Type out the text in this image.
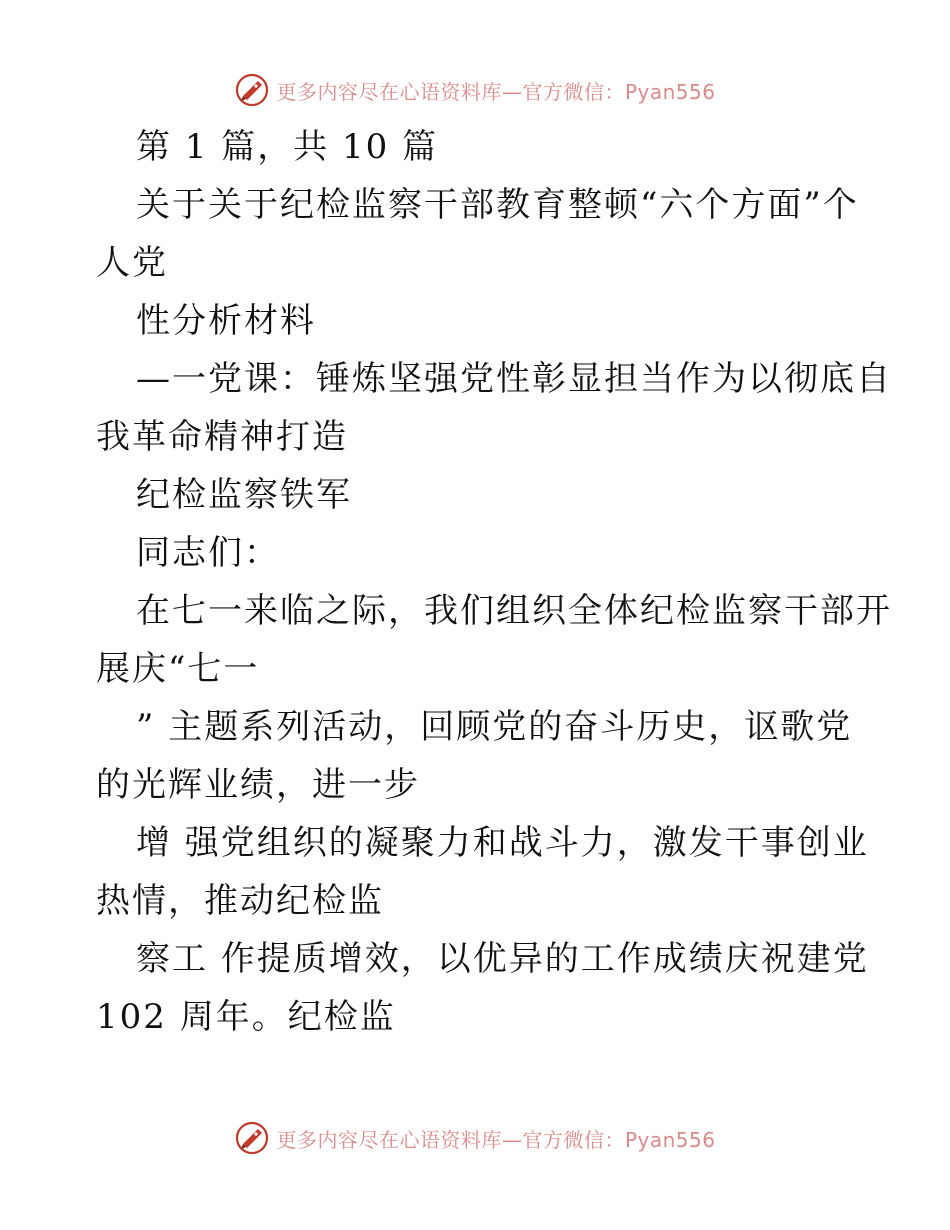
更多内容尽在心语资料库—官方微信：Pyan556
第 1 篇，共 10 篇
关于关于纪检监察干部教育整顿“六个方面”个
人党
性分析材料
—一党课：锤炼坚强党性彰显担当作为以彻底自
我革命精神打造
纪检监察铁军
同志们：
在七一来临之际，我们组织全体纪检监察干部开
展庆“七一
” 主题系列活动，回顾党的奋斗历史，讴歌党
的光辉业绩，进一步
增 强党组织的凝聚力和战斗力，激发干事创业
热情，推动纪检监
察工 作提质增效，以优异的工作成绩庆祝建党
102 周年。纪检监
更多内容尽在心语资料库—官方微信：Pyan556
